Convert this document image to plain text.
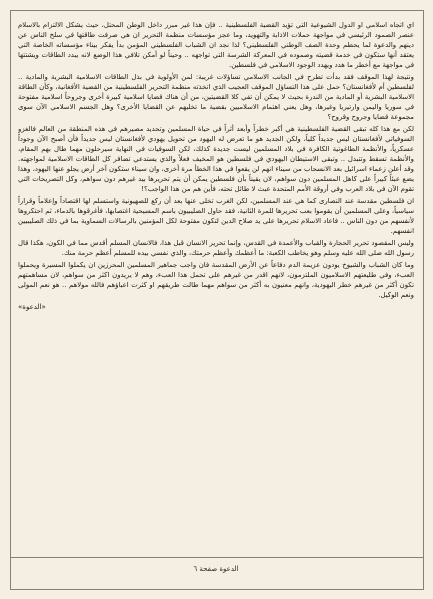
اي اتجاه اسلامي او الدول الشيوعية التي تؤيد القضية الفلسطينية .. فإن هذا غير مبرر داخل الوطن المحتل، حيث يشكل الالتزام بالاسلام عنصر الصمود الرئيسي في مواجهة حملات الاذابة والتهويد، وما عجز مؤسسات منظمة التحرير ان هي صرفت طاقتها في سلخ الناس عن دينهم والدعوة لما يحطم وحدة الصف الوطني الفلسطيني؟ لذا نجد ان الشباب الفلسطيني المؤمن بدأ يفكر بيناء مؤسساته الخاصة التي يعتقد أنها ستكون في خدمة قضيته وصموده في المعركة الشرسة التي تواجهه .. وحيناً لو أمكن تلافي هذا الوضع لانه يبدد الطاقات ويشتتها في مواجهة مع أخطر ما هدد ويهدد الوجود الاسلامي في فلسطين.

ونتيجة لهذا الموقف فقد بدأت تطرح في الجانب الاسلامي تساؤلات غريبة: لمن الأولوية في بذل الطاقات الاسلامية البشرية والمادية .. لفلسطين أم لأفغانستان؟ حمل على هذا التساؤل الموقف العجيب الذي اتخذته منظمة التحرير الفلسطينية من القضية الأفغانية، وكأن الطاقة الاسلامية البشرية أو المادية من الندرة بحيث لا يمكن أن تفي كلا القضيتين، من أن هناك قضايا اسلامية كبيرة أخرى وجروحاً اسلامية مفتوحة في سوريا واليمن وارتيريا وغيرها، وهل يعني اهتمام الاسلاميين بقضية ما تخليهم عن القضايا الأخرى؟ وهل الجسم الاسلامي الآن سوى مجموعة قضايا وجروح وقروح؟

لكن مع هذا كله تبقى القضية الفلسطينية هي أكبر خطراً وأبعد أثراً في حياة المسلمين وتحديد مصيرهم في هذه المنطقة من العالم فالغزو السوفياتي لأفغانستان ليس جديداً كلياً، ولكن الجديد هو ما تعرض له اليهود من تحويل يهودي لأفغانستان ليس جديداً فأن أصبح الآن وجوداً عسكرياً، والأنظمة الطاغوتية الكافرة في بلاد المسلمين ليست جديدة كذلك، لكن السوفيات في النهاية سيرحلون مهما طال بهم المقام، والأنظمة تسقط وتتبدل .. وتبقى الاستيطان اليهودي في فلسطين هو المخيف فعلاً والذي يستدعي تضافر كل الطاقات الاسلامية لمواجهته. وقد أعلن زعماء اسرائيل بعد الانسحاب من سيناء انهم لن يقعوا في هذا الخطأ مرة أخرى، وان سيناء ستكون آخر أرض يجلو عنها اليهود، وهذا يضع عبئاً كبيراً على كاهل المسلمين دون سواهم، لان يقيناً بأن فلسطين يمكن أن يتم تحريرها بيد غيرهم دون سواهم، وكل التصريحات التي تقوم الآن في بلاد العرب وفي أروقة الأمم المتحدة عبث لا طائل تحته، فأين هم من هذا الواجب؟!

ان فلسطين مقدسة عند النصارى كما هي عند المسلمين، لكن الغرب تخلى عنها بعد أن ركع للصهيونية واستسلم لها اقتصاداً وإعلاماً وقراراً سياسياً، وعلى المسلمين أن يقوموا بعب تحريرها للمرة الثانية، فقد حاول الصليبيون باسم المسيحية اغتصابها، فأغرقوها بالدماء، ثم احتكروها لأنفسهم من دون الناس .. فاعاد الاسلام تحريرها على يد صلاح الدين لتكون مفتوحة لكل المؤمنين بالرسالات السماوية بما في ذلك الصليبيين انفسهم.

وليس المقصود تحرير الحجارة والقباب والأعمدة في القدس، وإنما تحرير الانسان قبل هذا، فالانسان المسلم أقدس مما في الكون، هكذا قال رسول الله صلى الله عليه وسلم وهو يخاطب الكعبة: ما أعظمك وأعظم حرمتك، والذي نفسي بيده للمسلم أعظم حرمة منك.

وما كان الشباب والشيوخ يودون عزيمة الدم دفاعاً عن الأرض المقدسة فان واجب جماهير المسلمين المحرزين ان يكملوا المسيرة ويحملوا العبء، وفي طليعتهم الاسلاميون الملتزمون، لانهم اقدر من غيرهم على تحمل هذا العبء، وهم لا يريدون اكثر من سواهم، لان مساهمتهم تكون أكثر من غيرهم خطر اليهودية، وانهم معنيون به أكثر من سواهم مهما طالت طريقهم او كثرت اعباؤهم فالله مولاهم .. هو نعم المولى ونعم الوكيل.

«الدعوة»
الدعوة صفحة ٦
